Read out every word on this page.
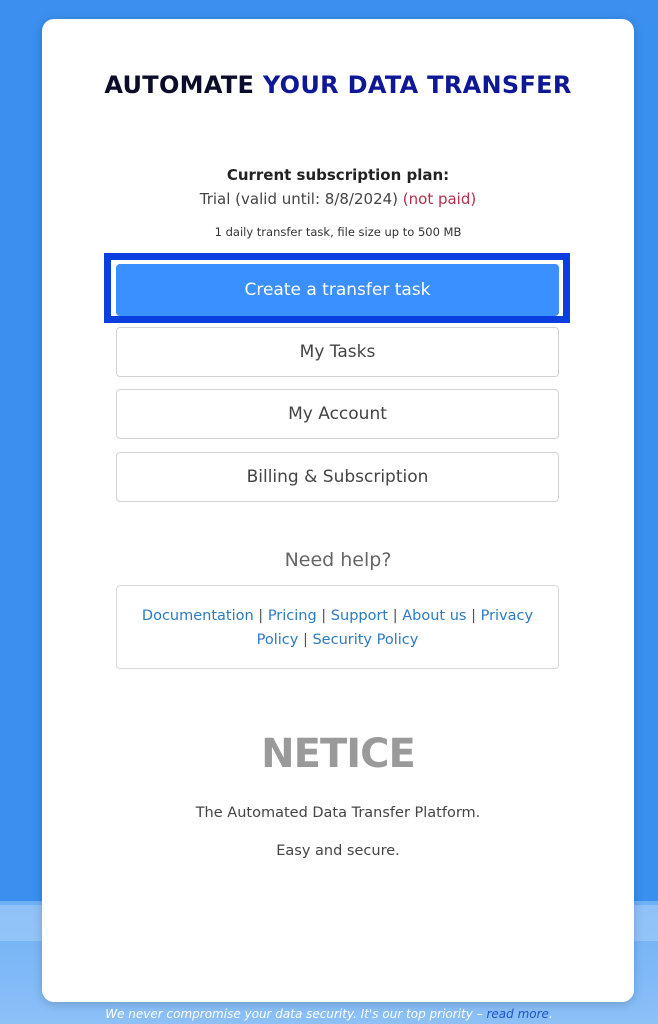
AUTOMATE YOUR DATA TRANSFER
Current subscription plan:
Trial (valid until: 8/8/2024) (not paid)
1 daily transfer task, file size up to 500 MB
Create a transfer task
My Tasks
My Account
Billing & Subscription
Need help?
Documentation | Pricing | Support | About us | Privacy Policy | Security Policy
NETICE
The Automated Data Transfer Platform.
Easy and secure.
We never compromise your data security. It's our top priority – read more.
